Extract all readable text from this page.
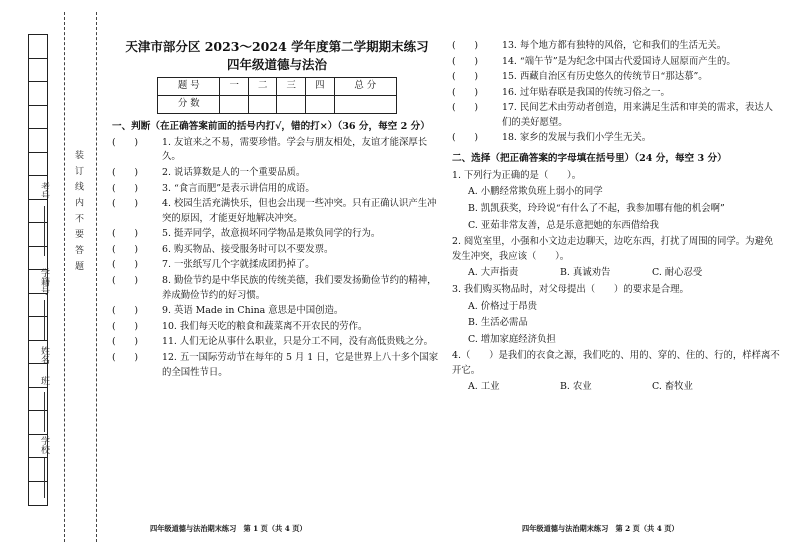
装 订 线 内 不 要 答 题
考号
学籍号
姓名
班
学校
天津市部分区 2023～2024 学年度第二学期期末练习
四年级道德与法治
题 号	一	二	三	四	总 分
分 数					
一、判断（在正确答案前面的括号内打√，错的打×）（36 分，每空 2 分）
(　　)	1. 友谊来之不易，需要珍惜。学会与朋友相处，友谊才能深厚长久。
(　　)	2. 说话算数是人的一个重要品质。
(　　)	3. “食言而肥”是表示讲信用的成语。
(　　)	4. 校园生活充满快乐，但也会出现一些冲突。只有正确认识产生冲突的原因，才能更好地解决冲突。
(　　)	5. 挺弄同学，故意损坏同学物品是欺负同学的行为。
(　　)	6. 购买物品、接受服务时可以不要发票。
(　　)	7. 一张纸写几个字就揉成团扔掉了。
(　　)	8. 勤俭节约是中华民族的传统美德，我们要发扬勤俭节约的精神，养成勤俭节约的好习惯。
(　　)	9. 英语 Made in China 意思是中国创造。
(　　)	10. 我们每天吃的粮食和蔬菜离不开农民的劳作。
(　　)	11. 人们无论从事什么职业，只是分工不同，没有高低贵贱之分。
(　　)	12. 五一国际劳动节在每年的 5 月 1 日，它是世界上八十多个国家的全国性节日。
四年级道德与法治期末练习　第 1 页（共 4 页）
(　　)	13. 每个地方都有独特的风俗，它和我们的生活无关。
(　　)	14. “端午节”是为纪念中国古代爱国诗人屈原而产生的。
(　　)	15. 西藏自治区有历史悠久的传统节日“那达慕”。
(　　)	16. 过年贴春联是我国的传统习俗之一。
(　　)	17. 民间艺术由劳动者创造，用来满足生活和审美的需求，表达人们的美好愿望。
(　　)	18. 家乡的发展与我们小学生无关。
二、选择（把正确答案的字母填在括号里）（24 分，每空 3 分）
1. 下列行为正确的是（　　）。
A. 小鹏经常欺负班上弱小的同学
B. 凯凯获奖，玲玲说“有什么了不起，我参加哪有他的机会啊”
C. 亚茹非常友善，总是乐意把她的东西借给我
2. 阅览室里，小强和小文边走边聊天，边吃东西，打扰了周围的同学。为避免发生冲突，我应该（　　）。
A. 大声指责	B. 真诚劝告	C. 耐心忍受
3. 我们购买物品时，对父母提出（　　）的要求是合理。
A. 价格过于昂贵
B. 生活必需品
C. 增加家庭经济负担
4.（　　）是我们的衣食之源，我们吃的、用的、穿的、住的、行的，样样离不开它。
A. 工业	B. 农业	C. 畜牧业
四年级道德与法治期末练习　第 2 页（共 4 页）
